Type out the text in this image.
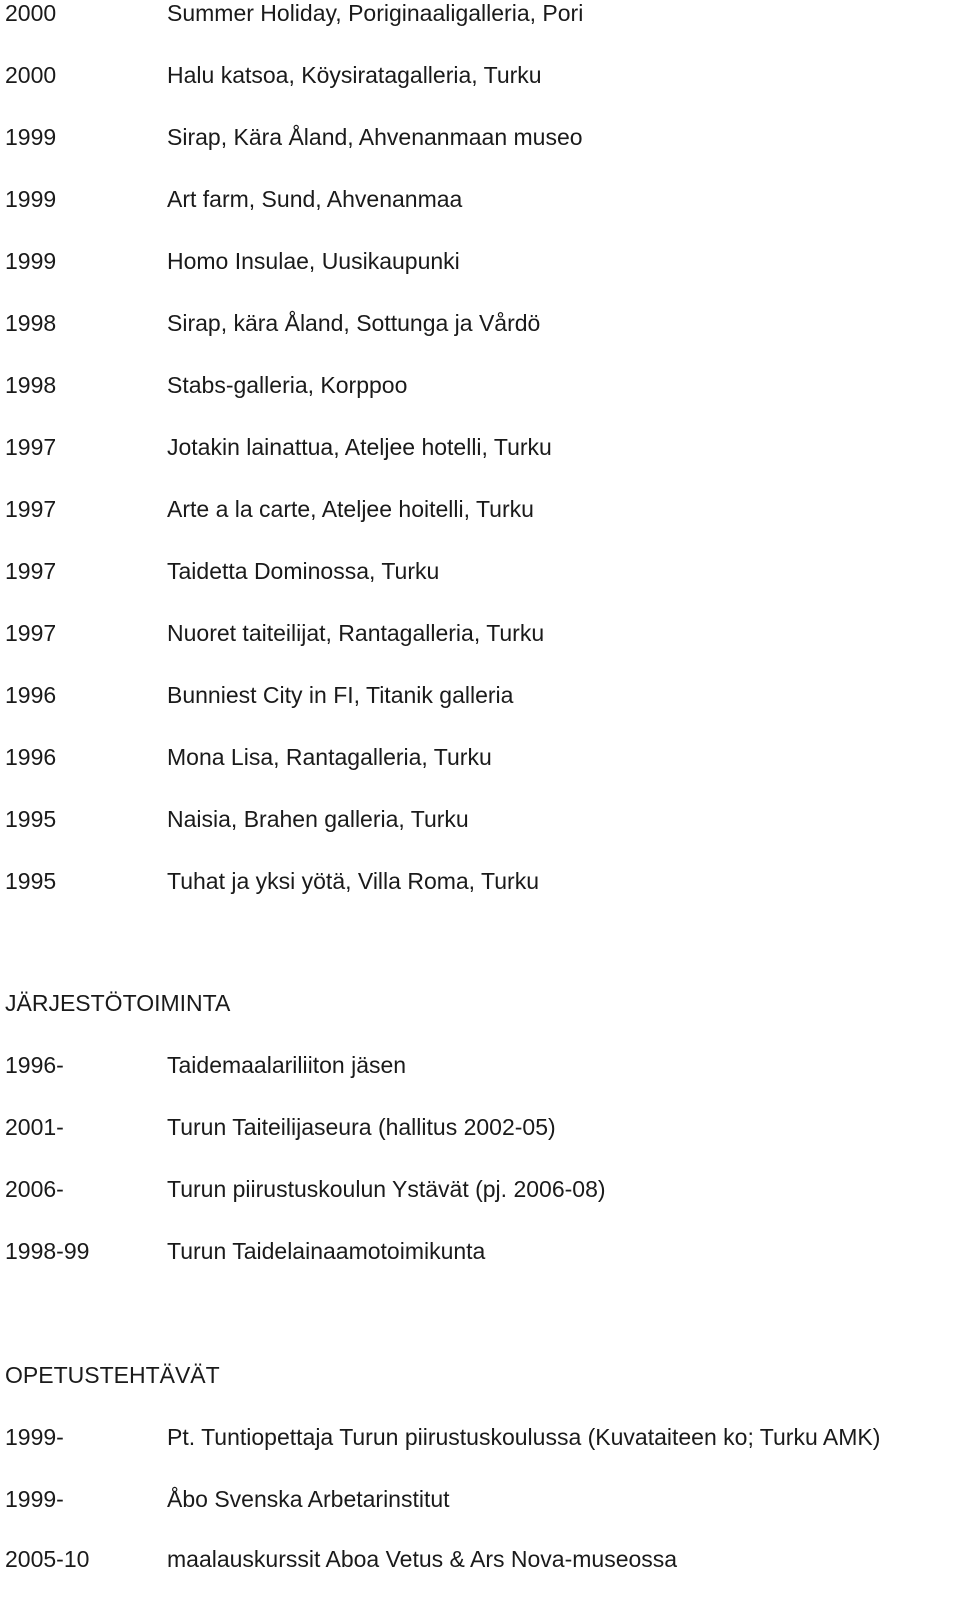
2000	Summer Holiday, Poriginaaligalleria, Pori
2000	Halu katsoa, Köysiratagalleria, Turku
1999	Sirap, Kära Åland, Ahvenanmaan museo
1999	Art farm, Sund, Ahvenanmaa
1999	Homo Insulae, Uusikaupunki
1998	Sirap, kära Åland, Sottunga ja Vårdö
1998	Stabs-galleria, Korppoo
1997	Jotakin lainattua, Ateljee hotelli, Turku
1997	Arte a la carte, Ateljee hoitelli, Turku
1997	Taidetta Dominossa, Turku
1997	Nuoret taiteilijat, Rantagalleria, Turku
1996	Bunniest City in FI, Titanik galleria
1996	Mona Lisa, Rantagalleria, Turku
1995	Naisia, Brahen galleria, Turku
1995	Tuhat ja yksi yötä, Villa Roma, Turku
JÄRJESTÖTOIMINTA
1996-	Taidemaalariliiton jäsen
2001-	Turun Taiteilijaseura (hallitus 2002-05)
2006-	Turun piirustuskoulun Ystävät (pj. 2006-08)
1998-99	Turun Taidelainaamotoimikunta
OPETUSTEHTÄVÄT
1999-	Pt. Tuntiopettaja Turun piirustuskoulussa (Kuvataiteen ko; Turku AMK)
1999-	Åbo Svenska Arbetarinstitut
2005-10	maalauskurssit Aboa Vetus & Ars Nova-museossa
